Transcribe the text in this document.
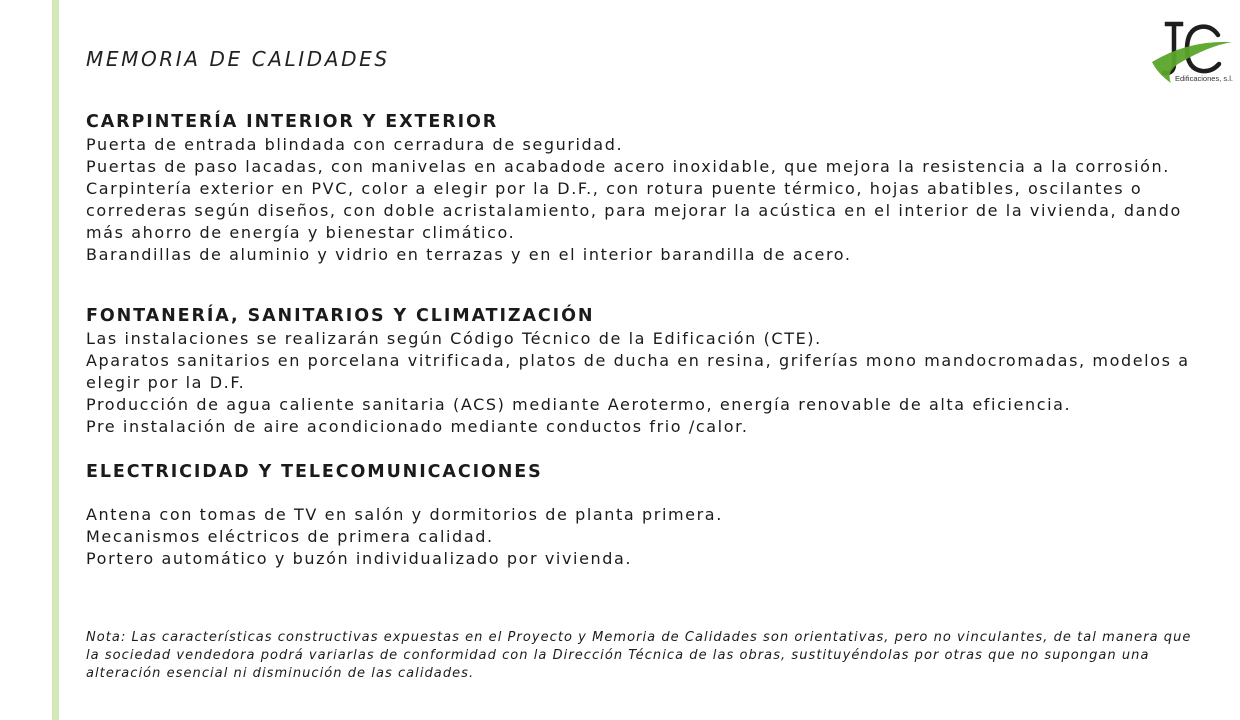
MEMORIA DE CALIDADES
Edificaciones, s.l.
CARPINTERÍA INTERIOR Y EXTERIOR

Puerta de entrada blindada con cerradura de seguridad.

Puertas de paso lacadas, con manivelas en acabadode acero inoxidable, que mejora la resistencia a la corrosión.

Carpintería exterior en PVC, color a elegir por la D.F., con rotura puente térmico, hojas abatibles, oscilantes o correderas según diseños, con doble acristalamiento, para mejorar la acústica en el interior de la vivienda, dando más ahorro de energía y bienestar climático.

Barandillas de aluminio y vidrio en terrazas y en el interior barandilla de acero.

FONTANERÍA, SANITARIOS Y CLIMATIZACIÓN

Las instalaciones se realizarán según Código Técnico de la Edificación (CTE).

Aparatos sanitarios en porcelana vitrificada, platos de ducha en resina, griferías mono mandocromadas, modelos a elegir por la D.F.

Producción de agua caliente sanitaria (ACS) mediante Aerotermo, energía renovable de alta eficiencia.

Pre instalación de aire acondicionado mediante conductos frio /calor.

ELECTRICIDAD Y TELECOMUNICACIONES

Antena con tomas de TV en salón y dormitorios de planta primera.

Mecanismos eléctricos de primera calidad.

Portero automático y buzón individualizado por vivienda.

Nota: Las características constructivas expuestas en el Proyecto y Memoria de Calidades son orientativas, pero no vinculantes, de tal manera que la sociedad vendedora podrá variarlas de conformidad con la Dirección Técnica de las obras, sustituyéndolas por otras que no supongan una alteración esencial ni disminución de las calidades.
